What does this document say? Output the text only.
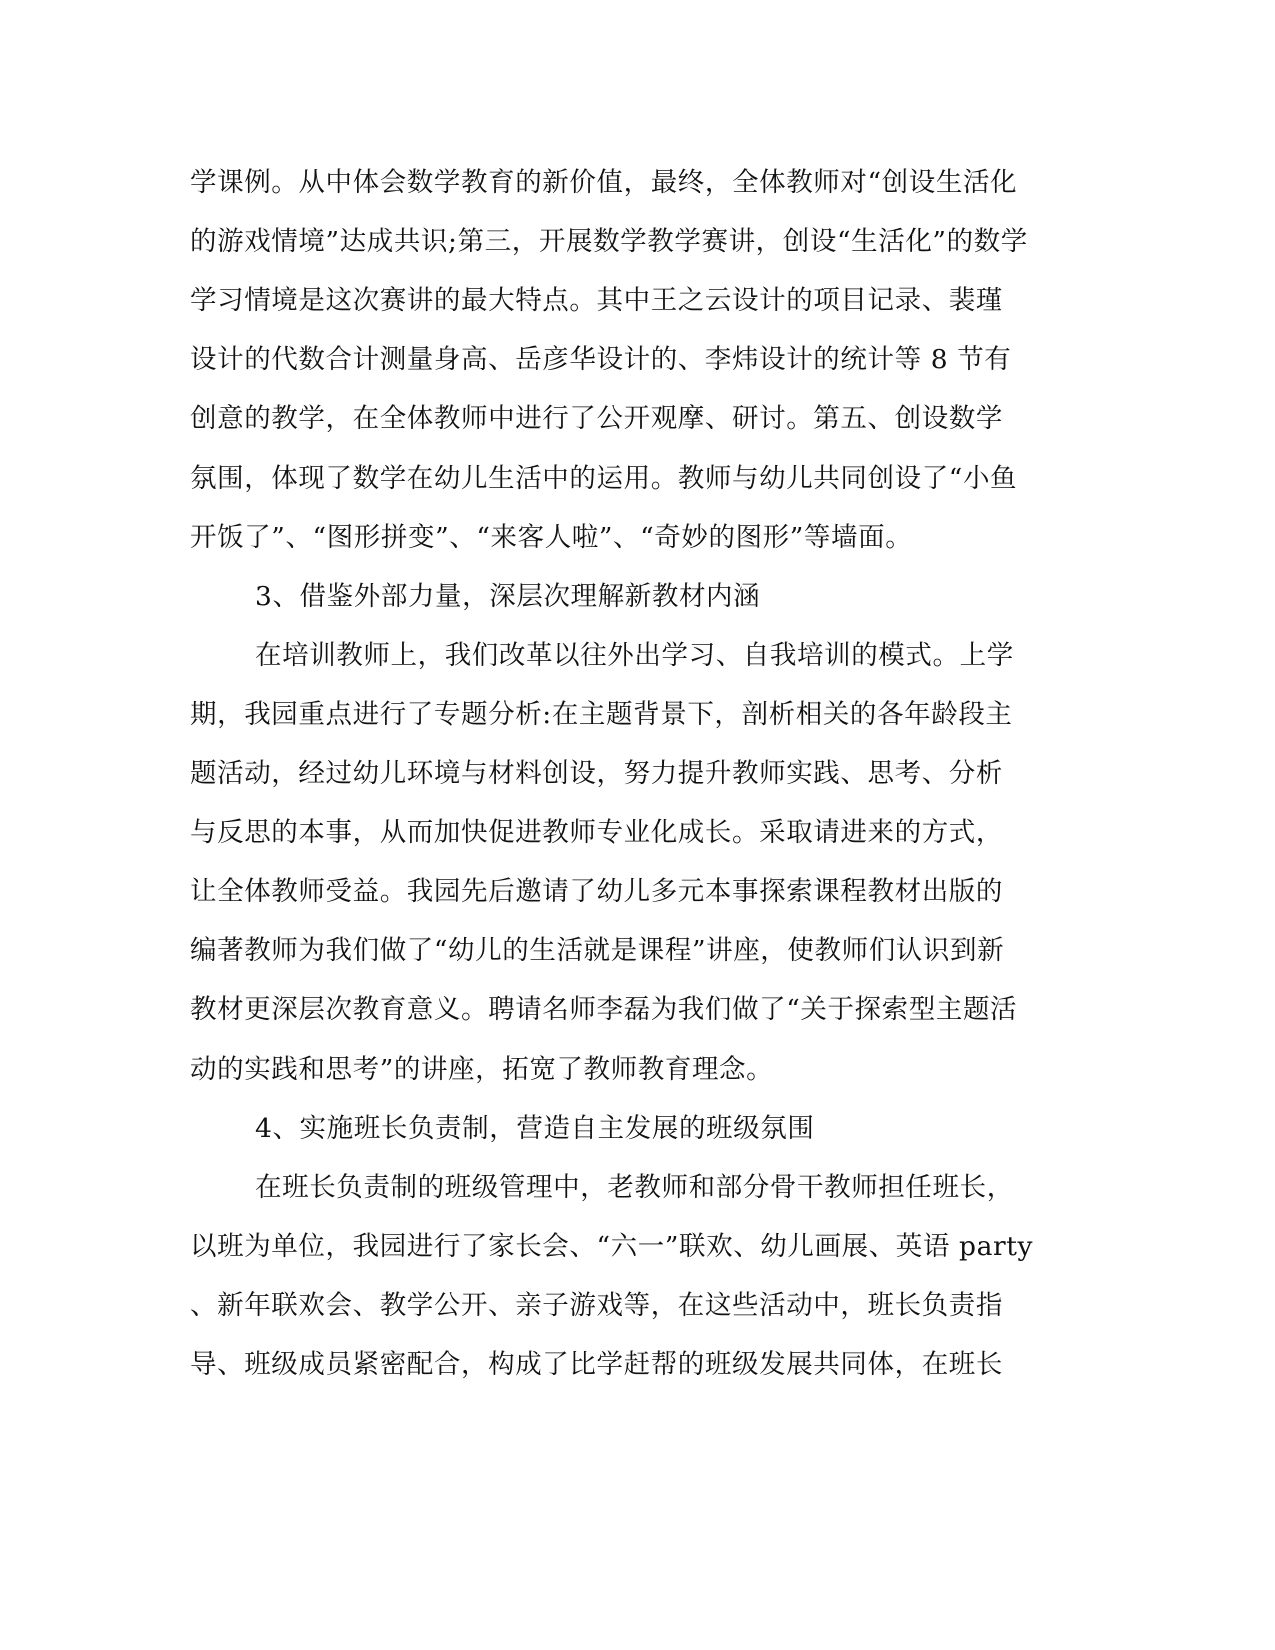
学课例。从中体会数学教育的新价值，最终，全体教师对“创设生活化
的游戏情境”达成共识;第三，开展数学教学赛讲，创设“生活化”的数学
学习情境是这次赛讲的最大特点。其中王之云设计的项目记录、裴瑾
设计的代数合计测量身高、岳彦华设计的、李炜设计的统计等 8 节有
创意的教学，在全体教师中进行了公开观摩、研讨。第五、创设数学
氛围，体现了数学在幼儿生活中的运用。教师与幼儿共同创设了“小鱼
开饭了”、“图形拼变”、“来客人啦”、“奇妙的图形”等墙面。
3、借鉴外部力量，深层次理解新教材内涵
在培训教师上，我们改革以往外出学习、自我培训的模式。上学
期，我园重点进行了专题分析:在主题背景下，剖析相关的各年龄段主
题活动，经过幼儿环境与材料创设，努力提升教师实践、思考、分析
与反思的本事，从而加快促进教师专业化成长。采取请进来的方式，
让全体教师受益。我园先后邀请了幼儿多元本事探索课程教材出版的
编著教师为我们做了“幼儿的生活就是课程”讲座，使教师们认识到新
教材更深层次教育意义。聘请名师李磊为我们做了“关于探索型主题活
动的实践和思考”的讲座，拓宽了教师教育理念。
4、实施班长负责制，营造自主发展的班级氛围
在班长负责制的班级管理中，老教师和部分骨干教师担任班长，
以班为单位，我园进行了家长会、“六一”联欢、幼儿画展、英语 party
、新年联欢会、教学公开、亲子游戏等，在这些活动中，班长负责指
导、班级成员紧密配合，构成了比学赶帮的班级发展共同体，在班长
